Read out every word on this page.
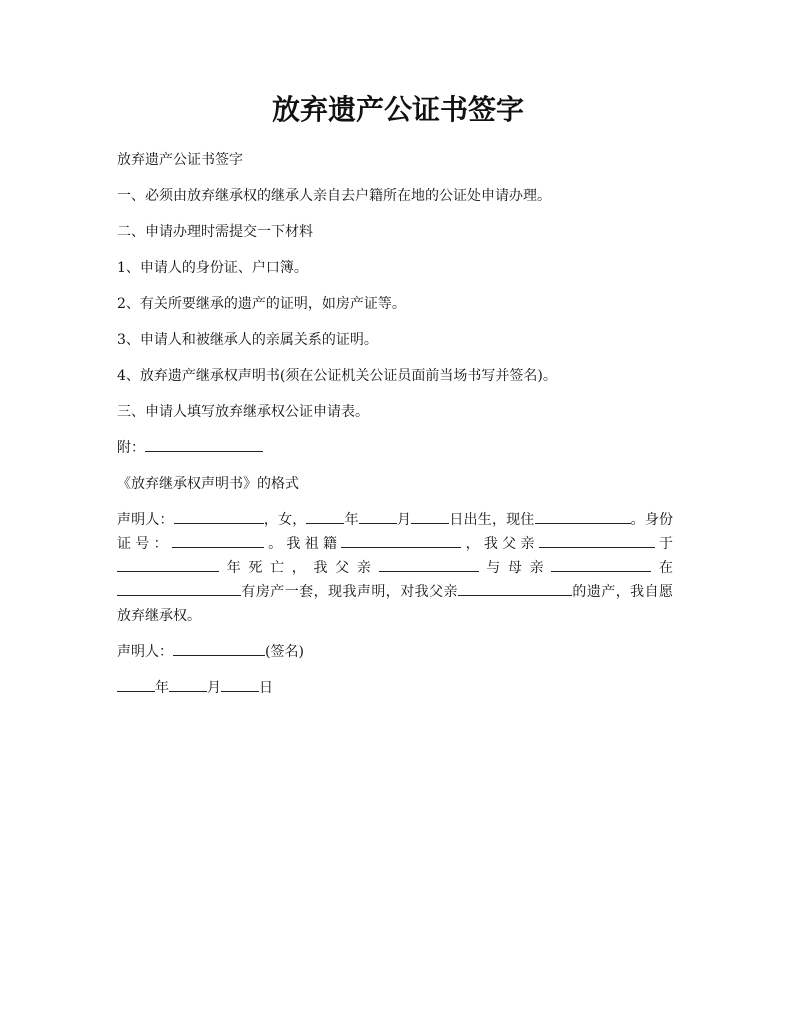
放弃遗产公证书签字

放弃遗产公证书签字

一、必须由放弃继承权的继承人亲自去户籍所在地的公证处申请办理。

二、申请办理时需提交一下材料

1、申请人的身份证、户口簿。

2、有关所要继承的遗产的证明，如房产证等。

3、申请人和被继承人的亲属关系的证明。

4、放弃遗产继承权声明书(须在公证机关公证员面前当场书写并签名)。

三、申请人填写放弃继承权公证申请表。

附：

《放弃继承权声明书》的格式

声明人：	，女，	年	月	日出生，现住	。身份证号：	。我祖籍	，我父亲	于年死亡，我父亲	与母亲	在有房产一套，现我声明，对我父亲	的遗产，我自愿放弃继承权。

声明人：	(签名)

年	月	日
